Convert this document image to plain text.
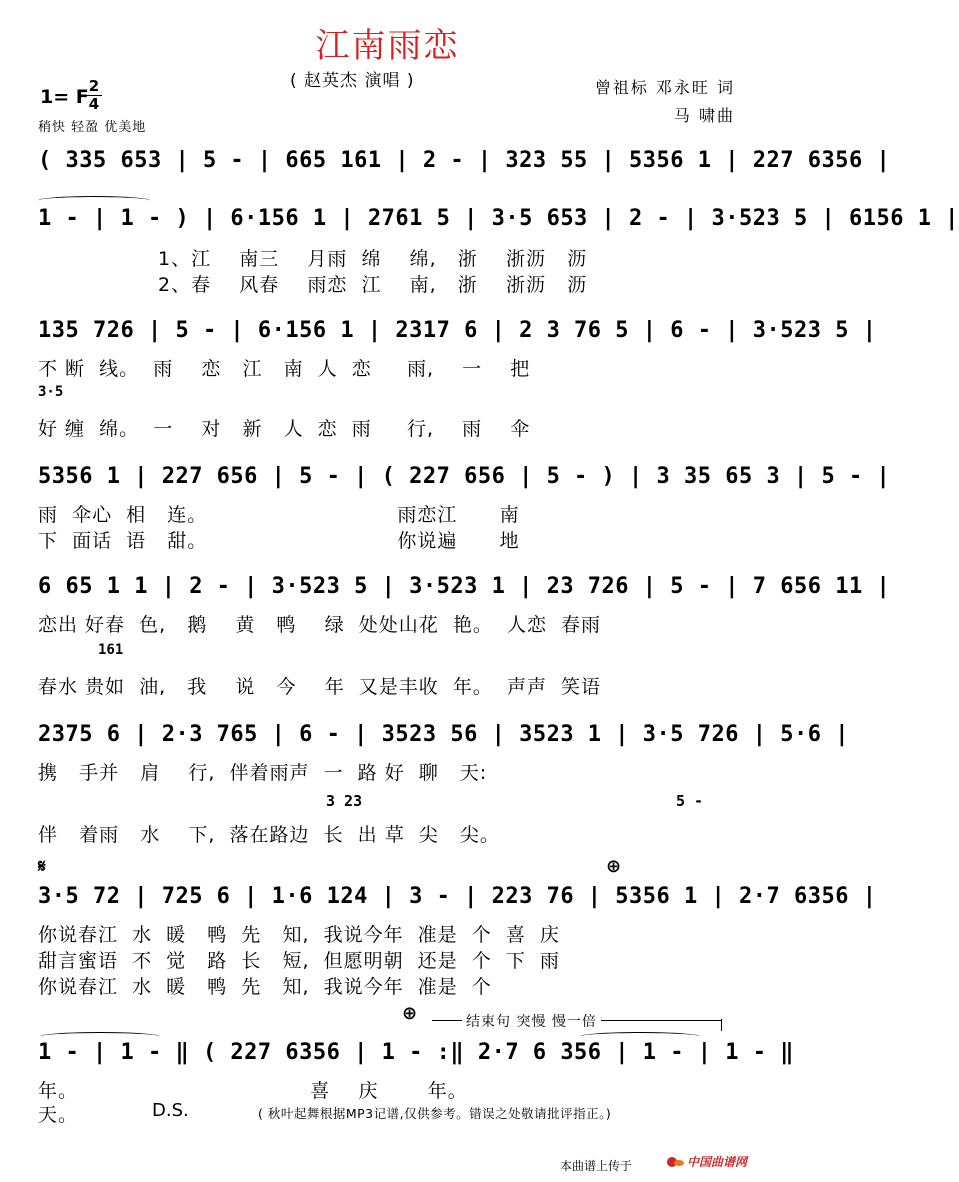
江南雨恋
( 赵英杰 演唱 )	曾祖标 邓永旺 词
马 啸曲
1= F 2
4
稍快 轻盈 优美地
( 335 653 | 5 - | 665 161 | 2 - | 323 55 | 5356 1 | 227 6356 |
1 - | 1 - ) | 6·156 1 | 2761 5 | 3·5 653 | 2 - | 3·523 5 | 6156 1 |
1、江    南三    月雨  绵    绵,   浙    浙沥   沥
2、春    风春    雨恋  江    南,   浙    浙沥   沥
135 726 | 5 - | 6·156 1 | 2317 6 | 2 3 76 5 | 6 - | 3·523 5 |
不 断  线。  雨    恋   江   南  人  恋     雨,    一    把
3·5
好 缠  绵。  一    对   新   人  恋  雨     行,    雨    伞
5356 1 | 227 656 | 5 - | ( 227 656 | 5 - ) | 3 35 65 3 | 5 - |
雨  伞心  相   连。                           雨恋江      南
下  面话  语   甜。                           你说遍      地
6 65 1 1 | 2 - | 3·523 5 | 3·523 1 | 23 726 | 5 - | 7 656 11 |
恋出 好春  色,   鹅    黄   鸭    绿  处处山花  艳。  人恋  春雨
161
春水 贵如  油,   我    说   今    年  又是丰收  年。  声声  笑语
2375 6 | 2·3 765 | 6 - | 3523 56 | 3523 1 | 3·5 726 | 5·6 |
携   手并   肩    行,  伴着雨声  一  路 好  聊   天:
3 23	5 -
伴   着雨   水    下,  落在路边  长  出 草  尖   尖。
𝄋	⊕
3·5 72 | 725 6 | 1·6 124 | 3 - | 223 76 | 5356 1 | 2·7 6356 |
你说春江  水  暖   鸭  先   知,  我说今年  准是  个  喜  庆
甜言蜜语  不  觉   路  长   短,  但愿明朝  还是  个  下  雨
你说春江  水  暖   鸭  先   知,  我说今年  准是  个
⊕	结束句 突慢 慢一倍
1 - | 1 - ‖ ( 227 6356 | 1 - :‖ 2·7 6 356 | 1 - | 1 - ‖
年。                                 喜    庆       年。
天。	D.S.	( 秋叶起舞根据MP3记谱,仅供参考。错误之处敬请批评指正。)
本曲谱上传于	中国曲谱网
